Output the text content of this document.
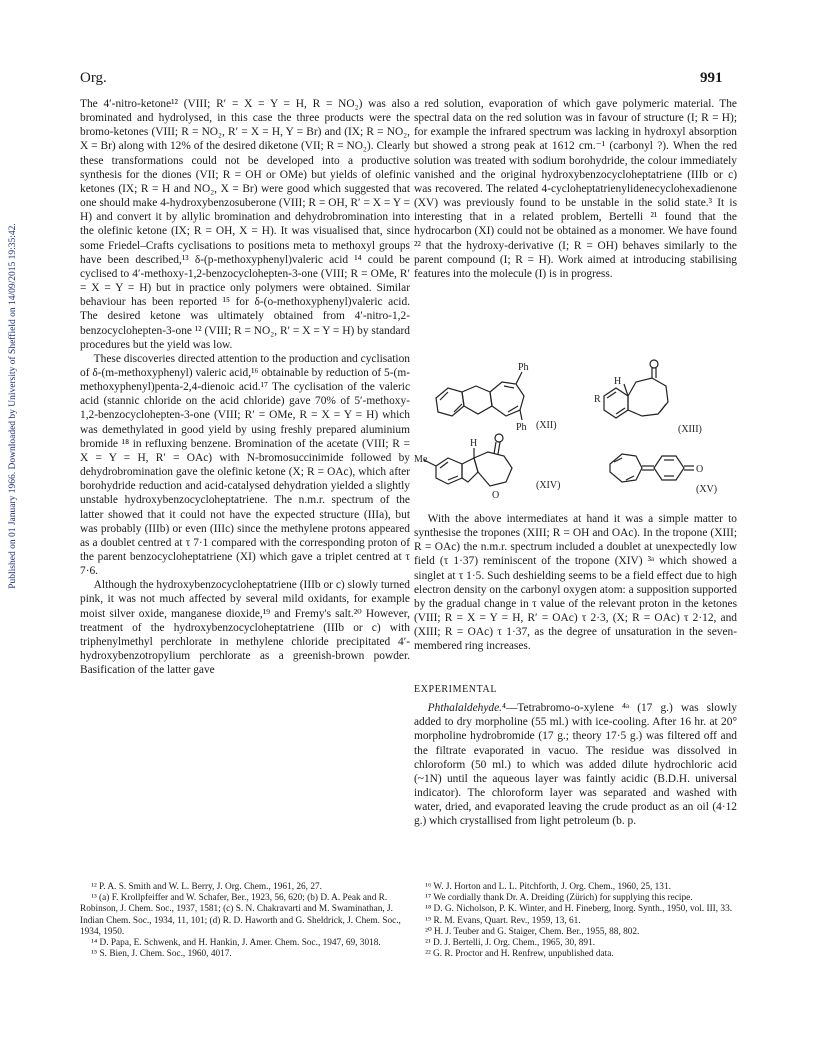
Org.	991
Published on 01 January 1966. Downloaded by University of Sheffield on 14/09/2015 19:35:42.

The 4′-nitro-ketone¹² (VIII; R′ = X = Y = H, R = NO₂) was also brominated and hydrolysed, in this case the three products were the bromo-ketones (VIII; R = NO₂, R′ = X = H, Y = Br) and (IX; R = NO₂, X = Br) along with 12% of the desired diketone (VII; R = NO₂). Clearly these transformations could not be developed into a productive synthesis for the diones (VII; R = OH or OMe) but yields of olefinic ketones (IX; R = H and NO₂, X = Br) were good which suggested that one should make 4-hydroxybenzosuberone (VIII; R = OH, R′ = X = Y = H) and convert it by allylic bromination and dehydrobromination into the olefinic ketone (IX; R = OH, X = H). It was visualised that, since some Friedel–Crafts cyclisations to positions meta to methoxyl groups have been described,¹³ δ-(p-methoxyphenyl)valeric acid ¹⁴ could be cyclised to 4′-methoxy-1,2-benzocyclohepten-3-one (VIII; R = OMe, R′ = X = Y = H) but in practice only polymers were obtained. Similar behaviour has been reported ¹⁵ for δ-(o-methoxyphenyl)valeric acid. The desired ketone was ultimately obtained from 4′-nitro-1,2-benzocyclohepten-3-one ¹² (VIII; R = NO₂, R′ = X = Y = H) by standard procedures but the yield was low.

These discoveries directed attention to the production and cyclisation of δ-(m-methoxyphenyl) valeric acid,¹⁶ obtainable by reduction of 5-(m-methoxyphenyl)penta-2,4-dienoic acid.¹⁷ The cyclisation of the valeric acid (stannic chloride on the acid chloride) gave 70% of 5′-methoxy-1,2-benzocyclohepten-3-one (VIII; R′ = OMe, R = X = Y = H) which was demethylated in good yield by using freshly prepared aluminium bromide ¹⁸ in refluxing benzene. Bromination of the acetate (VIII; R = X = Y = H, R′ = OAc) with N-bromosuccinimide followed by dehydrobromination gave the olefinic ketone (X; R = OAc), which after borohydride reduction and acid-catalysed dehydration yielded a slightly unstable hydroxybenzocycloheptatriene. The n.m.r. spectrum of the latter showed that it could not have the expected structure (IIIa), but was probably (IIIb) or even (IIIc) since the methylene protons appeared as a doublet centred at τ 7·1 compared with the corresponding proton of the parent benzocycloheptatriene (XI) which gave a triplet centred at τ 7·6.

Although the hydroxybenzocycloheptatriene (IIIb or c) slowly turned pink, it was not much affected by several mild oxidants, for example moist silver oxide, manganese dioxide,¹⁹ and Fremy's salt.²⁰ However, treatment of the hydroxybenzocycloheptatriene (IIIb or c) with triphenylmethyl perchlorate in methylene chloride precipitated 4′-hydroxybenzotropylium perchlorate as a greenish-brown powder. Basification of the latter gave

a red solution, evaporation of which gave polymeric material. The spectral data on the red solution was in favour of structure (I; R = H); for example the infrared spectrum was lacking in hydroxyl absorption but showed a strong peak at 1612 cm.⁻¹ (carbonyl ?). When the red solution was treated with sodium borohydride, the colour immediately vanished and the original hydroxybenzocycloheptatriene (IIIb or c) was recovered. The related 4-cycloheptatrienylidenecyclohexadienone (XV) was previously found to be unstable in the solid state.³ It is interesting that in a related problem, Bertelli ²¹ found that the hydrocarbon (XI) could not be obtained as a monomer. We have found ²² that the hydroxy-derivative (I; R = OH) behaves similarly to the parent compound (I; R = H). Work aimed at introducing stabilising features into the molecule (I) is in progress.

Ph
Ph (XII)
H
R
(XIII)
H
Me
O
(XIV)
O
(XV)

With the above intermediates at hand it was a simple matter to synthesise the tropones (XIII; R = OH and OAc). In the tropone (XIII; R = OAc) the n.m.r. spectrum included a doublet at unexpectedly low field (τ 1·37) reminiscent of the tropone (XIV) ³ᵃ which showed a singlet at τ 1·5. Such deshielding seems to be a field effect due to high electron density on the carbonyl oxygen atom: a supposition supported by the gradual change in τ value of the relevant proton in the ketones (VIII; R = X = Y = H, R′ = OAc) τ 2·3, (X; R = OAc) τ 2·12, and (XIII; R = OAc) τ 1·37, as the degree of unsaturation in the seven-membered ring increases.

EXPERIMENTAL

Phthalaldehyde.⁴—Tetrabromo-o-xylene ⁴ᵃ (17 g.) was slowly added to dry morpholine (55 ml.) with ice-cooling. After 16 hr. at 20° morpholine hydrobromide (17 g.; theory 17·5 g.) was filtered off and the filtrate evaporated in vacuo. The residue was dissolved in chloroform (50 ml.) to which was added dilute hydrochloric acid (~1N) until the aqueous layer was faintly acidic (B.D.H. universal indicator). The chloroform layer was separated and washed with water, dried, and evaporated leaving the crude product as an oil (4·12 g.) which crystallised from light petroleum (b. p.

¹² P. A. S. Smith and W. L. Berry, J. Org. Chem., 1961, 26, 27.
¹³ (a) F. Krollpfeiffer and W. Schafer, Ber., 1923, 56, 620; (b) D. A. Peak and R. Robinson, J. Chem. Soc., 1937, 1581; (c) S. N. Chakravarti and M. Swaminathan, J. Indian Chem. Soc., 1934, 11, 101; (d) R. D. Haworth and G. Sheldrick, J. Chem. Soc., 1934, 1950.
¹⁴ D. Papa, E. Schwenk, and H. Hankin, J. Amer. Chem. Soc., 1947, 69, 3018.
¹⁵ S. Bien, J. Chem. Soc., 1960, 4017.
¹⁶ W. J. Horton and L. L. Pitchforth, J. Org. Chem., 1960, 25, 131.
¹⁷ We cordially thank Dr. A. Dreiding (Zürich) for supplying this recipe.
¹⁸ D. G. Nicholson, P. K. Winter, and H. Fineberg, Inorg. Synth., 1950, vol. III, 33.
¹⁹ R. M. Evans, Quart. Rev., 1959, 13, 61.
²⁰ H. J. Teuber and G. Staiger, Chem. Ber., 1955, 88, 802.
²¹ D. J. Bertelli, J. Org. Chem., 1965, 30, 891.
²² G. R. Proctor and H. Renfrew, unpublished data.
